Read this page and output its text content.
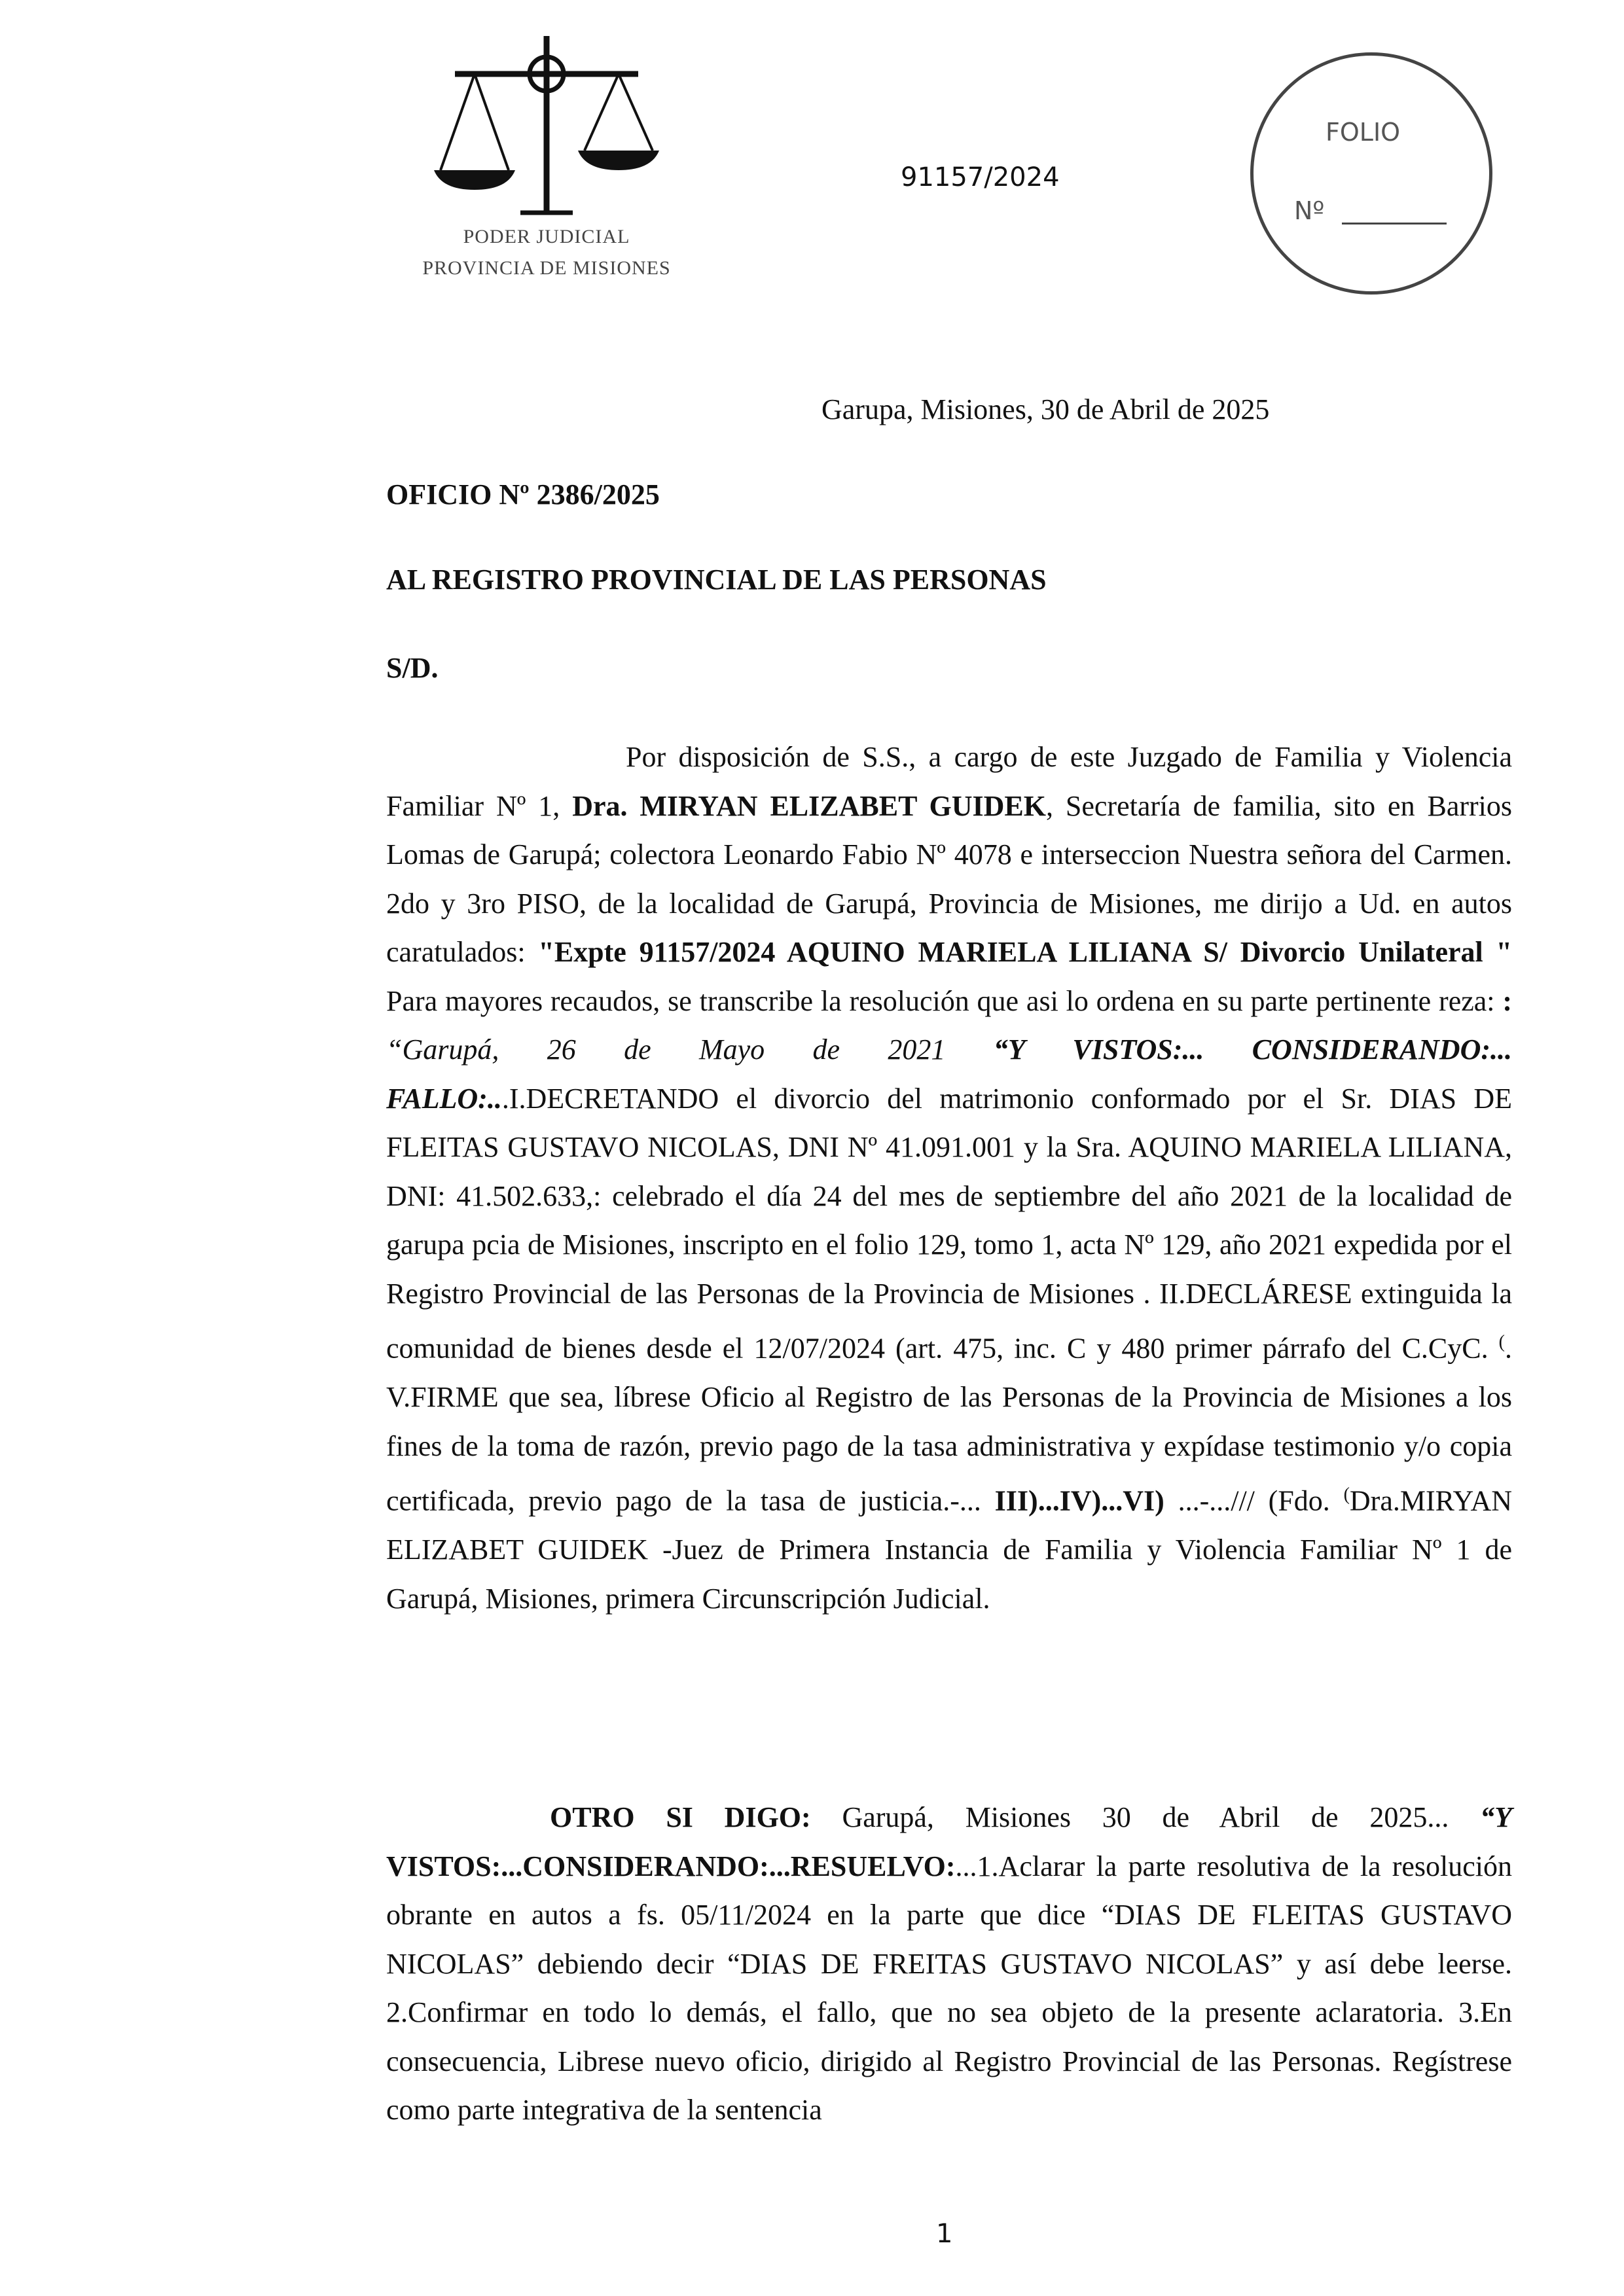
PODER JUDICIAL
PROVINCIA DE MISIONES
91157/2024
FOLIO
Nº
Garupa, Misiones, 30 de Abril de 2025
OFICIO Nº 2386/2025
AL REGISTRO PROVINCIAL DE LAS PERSONAS
S/D.
Por disposición de S.S., a cargo de este Juzgado de Familia y Violencia Familiar Nº 1, Dra. MIRYAN ELIZABET GUIDEK, Secretaría de familia, sito en Barrios Lomas de Garupá; colectora Leonardo Fabio Nº 4078 e interseccion Nuestra señora del Carmen. 2do y 3ro PISO, de la localidad de Garupá, Provincia de Misiones, me dirijo a Ud. en autos caratulados: "Expte 91157/2024 AQUINO MARIELA LILIANA S/ Divorcio Unilateral " Para mayores recaudos, se transcribe la resolución que asi lo ordena en su parte pertinente reza: : “Garupá, 26 de Mayo de 2021 “Y VISTOS:... CONSIDERANDO:... FALLO:...I.DECRETANDO el divorcio del matrimonio conformado por el Sr. DIAS DE FLEITAS GUSTAVO NICOLAS, DNI Nº 41.091.001 y la Sra. AQUINO MARIELA LILIANA, DNI: 41.502.633,: celebrado el día 24 del mes de septiembre del año 2021 de la localidad de garupa pcia de Misiones, inscripto en el folio 129, tomo 1, acta Nº 129, año 2021 expedida por el Registro Provincial de las Personas de la Provincia de Misiones . II.DECLÁRESE extinguida la comunidad de bienes desde el 12/07/2024 (art. 475, inc. C y 480 primer párrafo del C.CyC. (. V.FIRME que sea, líbrese Oficio al Registro de las Personas de la Provincia de Misiones a los fines de la toma de razón, previo pago de la tasa administrativa y expídase testimonio y/o copia certificada, previo pago de la tasa de justicia.-... III)...IV)...VI) ...-.../// (Fdo. (Dra.MIRYAN ELIZABET GUIDEK -Juez de Primera Instancia de Familia y Violencia Familiar Nº 1 de Garupá, Misiones, primera Circunscripción Judicial.
OTRO SI DIGO: Garupá, Misiones 30 de Abril de 2025... “Y VISTOS:...CONSIDERANDO:...RESUELVO:...1.Aclarar la parte resolutiva de la resolución obrante en autos a fs. 05/11/2024 en la parte que dice “DIAS DE FLEITAS GUSTAVO NICOLAS” debiendo decir “DIAS DE FREITAS GUSTAVO NICOLAS” y así debe leerse. 2.Confirmar en todo lo demás, el fallo, que no sea objeto de la presente aclaratoria. 3.En consecuencia, Librese nuevo oficio, dirigido al Registro Provincial de las Personas. Regístrese como parte integrativa de la sentencia
1
